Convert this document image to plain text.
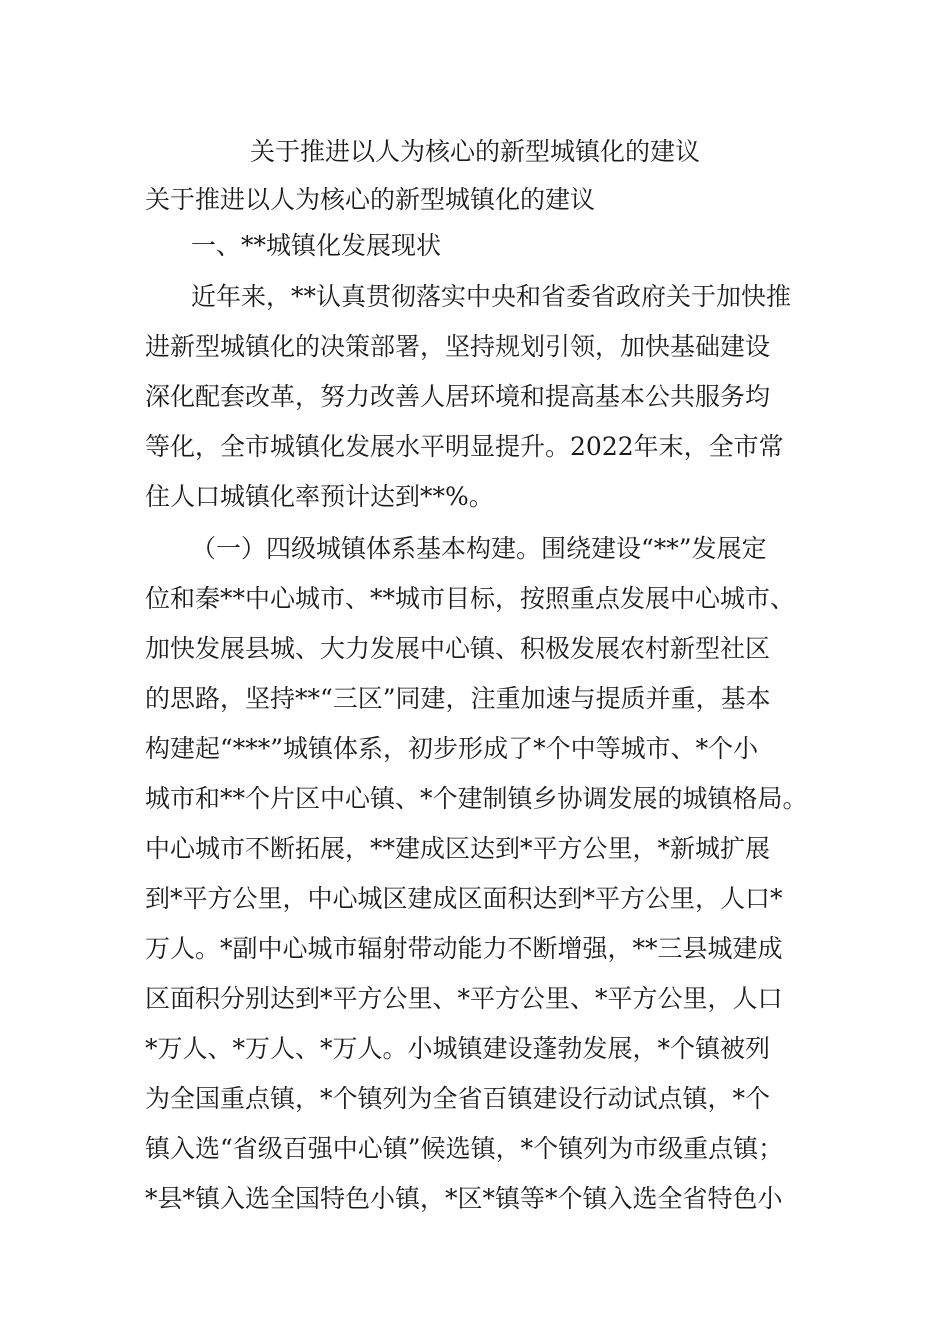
关于推进以人为核心的新型城镇化的建议

关于推进以人为核心的新型城镇化的建议

一、**城镇化发展现状

近年来，**认真贯彻落实中央和省委省政府关于加快推

进新型城镇化的决策部署，坚持规划引领，加快基础建设

深化配套改革，努力改善人居环境和提高基本公共服务均

等化，全市城镇化发展水平明显提升。2022年末，全市常

住人口城镇化率预计达到**%。

（一）四级城镇体系基本构建。围绕建设“**”发展定

位和秦**中心城市、**城市目标，按照重点发展中心城市、

加快发展县城、大力发展中心镇、积极发展农村新型社区

的思路，坚持**“三区”同建，注重加速与提质并重，基本

构建起“***”城镇体系，初步形成了*个中等城市、*个小

城市和**个片区中心镇、*个建制镇乡协调发展的城镇格局。

中心城市不断拓展，**建成区达到*平方公里，*新城扩展

到*平方公里，中心城区建成区面积达到*平方公里，人口*

万人。*副中心城市辐射带动能力不断增强，**三县城建成

区面积分别达到*平方公里、*平方公里、*平方公里，人口

*万人、*万人、*万人。小城镇建设蓬勃发展，*个镇被列

为全国重点镇，*个镇列为全省百镇建设行动试点镇，*个

镇入选“省级百强中心镇”候选镇，*个镇列为市级重点镇；

*县*镇入选全国特色小镇，*区*镇等*个镇入选全省特色小
